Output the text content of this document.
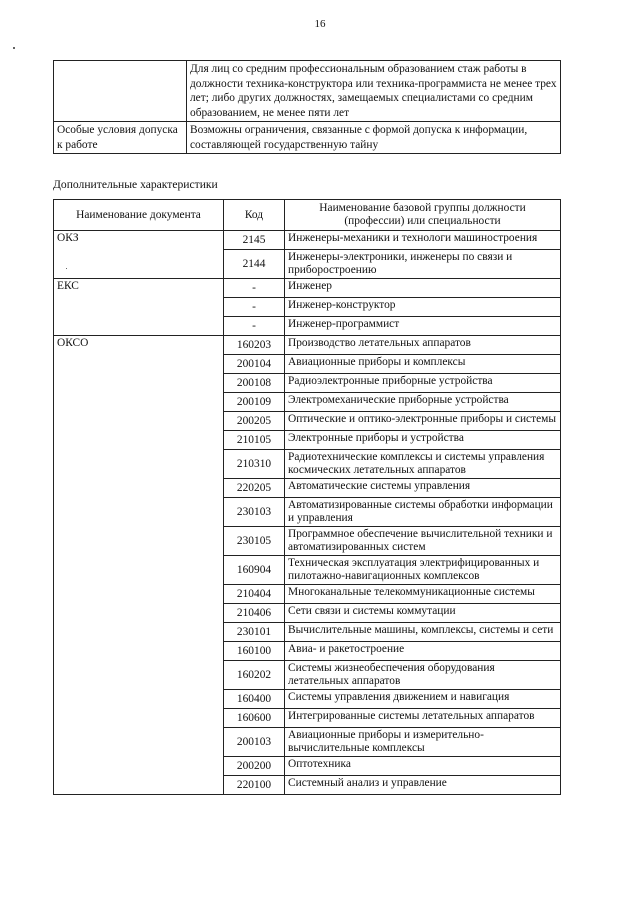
16
	Для лиц со средним профессиональным образованием стаж работы в должности техника-конструктора или техника-программиста не менее трех лет; либо других должностях, замещаемых специалистами со средним образованием, не менее пяти лет
Особые условия допуска к работе	Возможны ограничения, связанные с формой допуска к информации, составляющей государственную тайну
Дополнительные характеристики
Наименование документа	Код	Наименование базовой группы должности (профессии) или специальности
ОКЗ	2145	Инженеры-механики и технологи машиностроения
	2144	Инженеры-электроники, инженеры по связи и приборостроению
ЕКС	-	Инженер
	-	Инженер-конструктор
	-	Инженер-программист
ОКСО	160203	Производство летательных аппаратов
	200104	Авиационные приборы и комплексы
	200108	Радиоэлектронные приборные устройства
	200109	Электромеханические приборные устройства
	200205	Оптические и оптико-электронные приборы и системы
	210105	Электронные приборы и устройства
	210310	Радиотехнические комплексы и системы управления космических летательных аппаратов
	220205	Автоматические системы управления
	230103	Автоматизированные системы обработки информации и управления
	230105	Программное обеспечение вычислительной техники и автоматизированных систем
	160904	Техническая эксплуатация электрифицированных и пилотажно-навигационных комплексов
	210404	Многоканальные телекоммуникационные системы
	210406	Сети связи и системы коммутации
	230101	Вычислительные машины, комплексы, системы и сети
	160100	Авиа- и ракетостроение
	160202	Системы жизнеобеспечения оборудования летательных аппаратов
	160400	Системы управления движением и навигация
	160600	Интегрированные системы летательных аппаратов
	200103	Авиационные приборы и измерительно-вычислительные комплексы
	200200	Оптотехника
	220100	Системный анализ и управление
